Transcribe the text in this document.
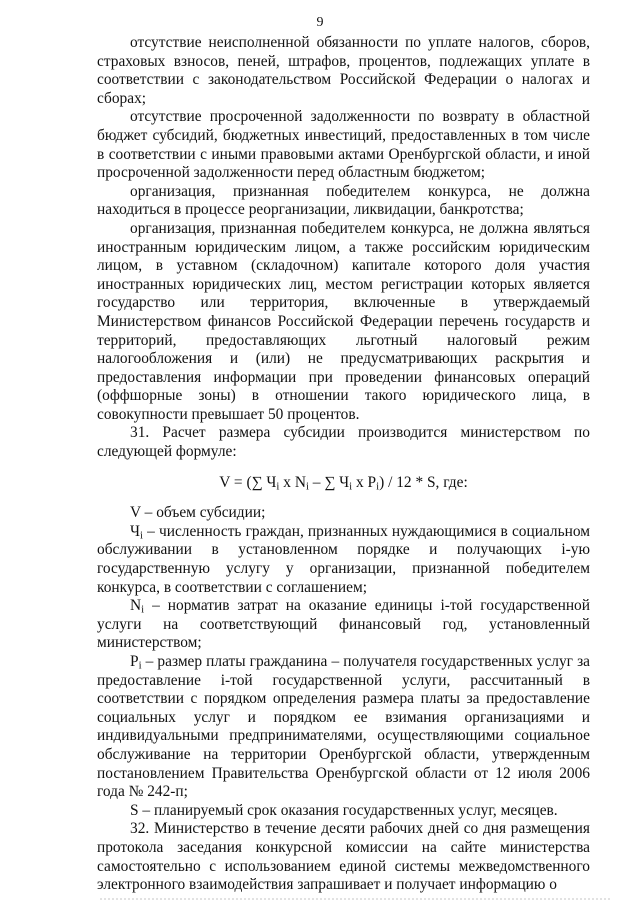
9

отсутствие неисполненной обязанности по уплате налогов, сборов, страховых взносов, пеней, штрафов, процентов, подлежащих уплате в соответствии с законодательством Российской Федерации о налогах и сборах;

отсутствие просроченной задолженности по возврату в областной бюджет субсидий, бюджетных инвестиций, предоставленных в том числе в соответствии с иными правовыми актами Оренбургской области, и иной просроченной задолженности перед областным бюджетом;

организация, признанная победителем конкурса, не должна находиться в процессе реорганизации, ликвидации, банкротства;

организация, признанная победителем конкурса, не должна являться иностранным юридическим лицом, а также российским юридическим лицом, в уставном (складочном) капитале которого доля участия иностранных юридических лиц, местом регистрации которых является государство или территория, включенные в утверждаемый Министерством финансов Российской Федерации перечень государств и территорий, предоставляющих льготный налоговый режим налогообложения и (или) не предусматривающих раскрытия и предоставления информации при проведении финансовых операций (оффшорные зоны) в отношении такого юридического лица, в совокупности превышает 50 процентов.

31. Расчет размера субсидии производится министерством по следующей формуле:

V = (∑ $Ч_i$ x $N_i$ – ∑ $Ч_i$ x $P_i) / 12$ * S, где:

V – объем субсидии;

$Ч_i$ – численность граждан, признанных нуждающимися в социальном обслуживании в установленном порядке и получающих i-ую государственную услугу у организации, признанной победителем конкурса, в соответствии с соглашением;

$N_i$ – норматив затрат на оказание единицы i-той государственной услуги на соответствующий финансовый год, установленный министерством;

$P_i$ – размер платы гражданина – получателя государственных услуг за предоставление i-той государственной услуги, рассчитанный в соответствии с порядком определения размера платы за предоставление социальных услуг и порядком ее взимания организациями и индивидуальными предпринимателями, осуществляющими социальное обслуживание на территории Оренбургской области, утвержденным постановлением Правительства Оренбургской области от 12 июля 2006 года № 242-п;

S – планируемый срок оказания государственных услуг, месяцев.

32. Министерство в течение десяти рабочих дней со дня размещения протокола заседания конкурсной комиссии на сайте министерства самостоятельно с использованием единой системы межведомственного электронного взаимодействия запрашивает и получает информацию о
